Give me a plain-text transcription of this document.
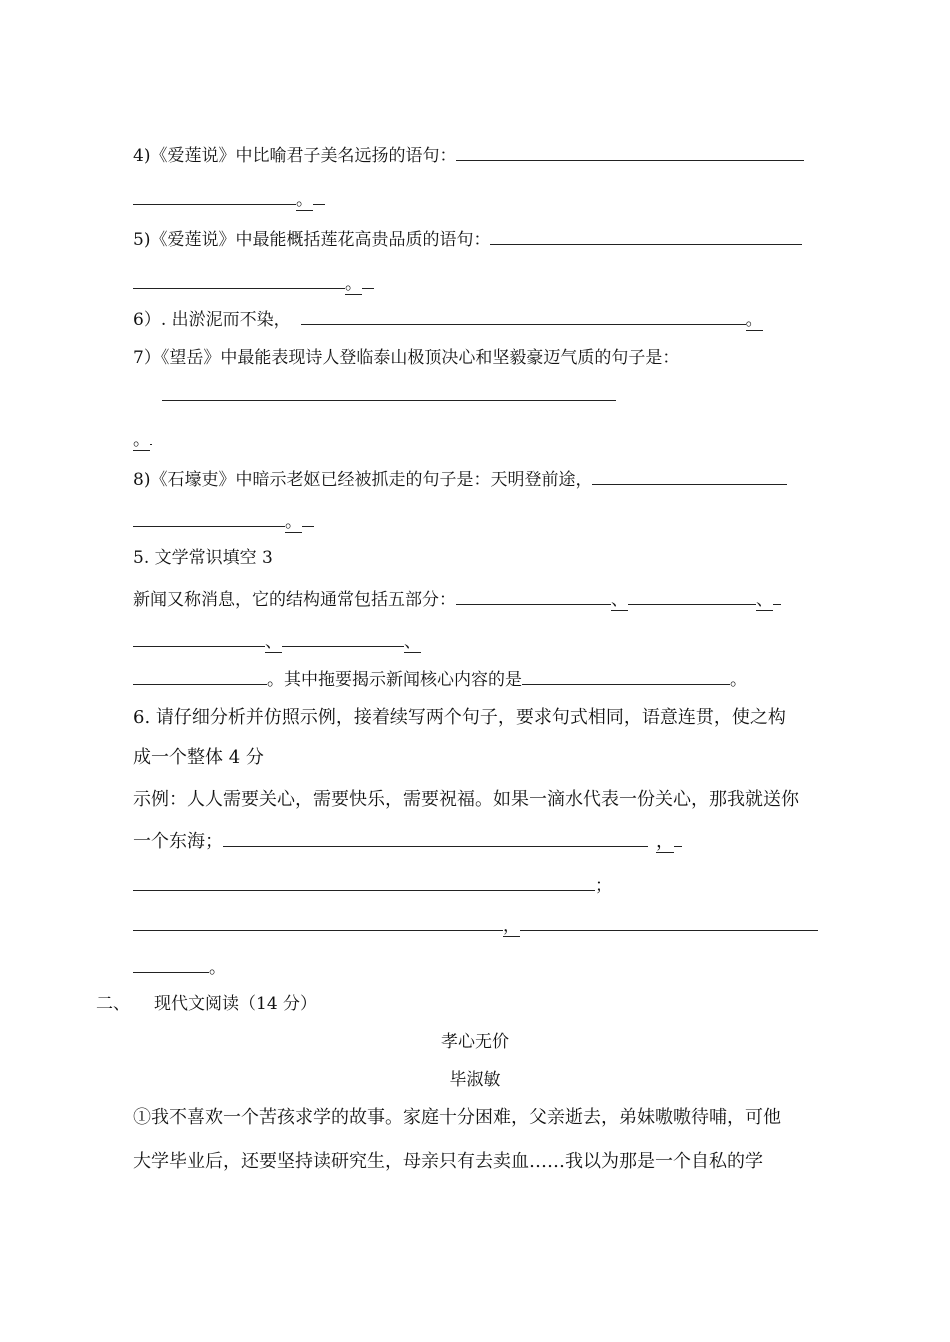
4)《爱莲说》中比喻君子美名远扬的语句：
。
5)《爱莲说》中最能概括莲花高贵品质的语句：
。
6）. 出淤泥而不染，	。
7）《望岳》中最能表现诗人登临泰山极顶决心和坚毅豪迈气质的句子是：
。
8)《石壕吏》中暗示老妪已经被抓走的句子是：天明登前途，
。
5. 文学常识填空 3
新闻又称消息，它的结构通常包括五部分：	、	、
、	、
。其中拖要揭示新闻核心内容的是	。
6. 请仔细分析并仿照示例，接着续写两个句子，要求句式相同，语意连贯，使之构
成一个整体 4 分
示例：人人需要关心，需要快乐，需要祝福。如果一滴水代表一份关心，那我就送你
一个东海；	，
；
，
。
二、 现代文阅读（14 分）
孝心无价
毕淑敏
①我不喜欢一个苦孩求学的故事。家庭十分困难，父亲逝去，弟妹嗷嗷待哺，可他
大学毕业后，还要坚持读研究生，母亲只有去卖血……我以为那是一个自私的学
